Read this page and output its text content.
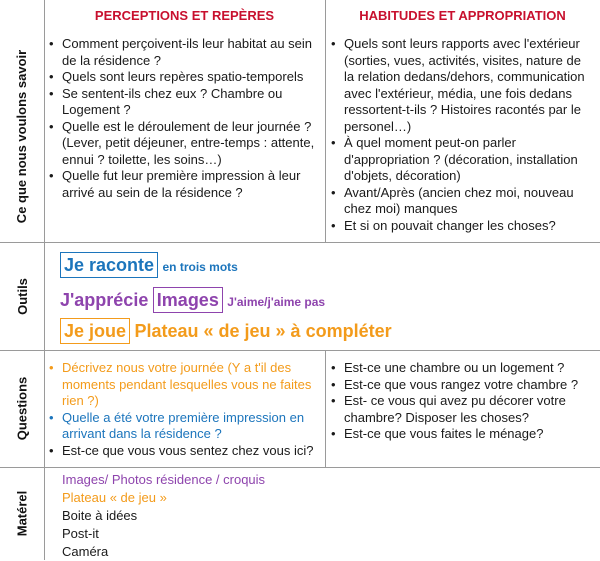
PERCEPTIONS ET REPÈRES	HABITUDES ET APPROPRIATION
Ce que nous voulons savoir
Outils
Questions
Matérel
• Comment perçoivent-ils leur habitat au sein de la résidence ?
• Quels sont leurs repères spatio-temporels
• Se sentent-ils chez eux ? Chambre ou Logement ?
• Quelle est le déroulement de leur journée ? (Lever, petit déjeuner, entre-temps : attente, ennui ? toilette, les soins…)
• Quelle fut leur première impression à leur arrivé au sein de la résidence ?
• Quels sont leurs rapports avec l'extérieur (sorties, vues, activités, visites, nature de la relation dedans/dehors, communication avec l'extérieur, média, une fois dedans ressortent-t-ils ? Histoires racontés par le personel…)
• À quel moment peut-on parler d'appropriation ? (décoration, installation d'objets, décoration)
• Avant/Après (ancien chez moi, nouveau chez moi) manques
• Et si on pouvait changer les choses?
Je raconte en trois mots
J'apprécie Images J'aime/j'aime pas
Je joue Plateau « de jeu » à compléter
• Décrivez nous votre journée (Y a t'il des moments pendant lesquelles vous ne faites rien ?)
• Quelle a été votre première impression en arrivant dans la résidence ?
• Est-ce que vous vous sentez chez vous ici?
• Est-ce une chambre ou un logement ?
• Est-ce que vous rangez votre chambre ?
• Est- ce vous qui avez pu décorer votre chambre? Disposer les choses?
• Est-ce que vous faites le ménage?
Images/ Photos résidence / croquis
Plateau « de jeu »
Boite à idées
Post-it
Caméra
